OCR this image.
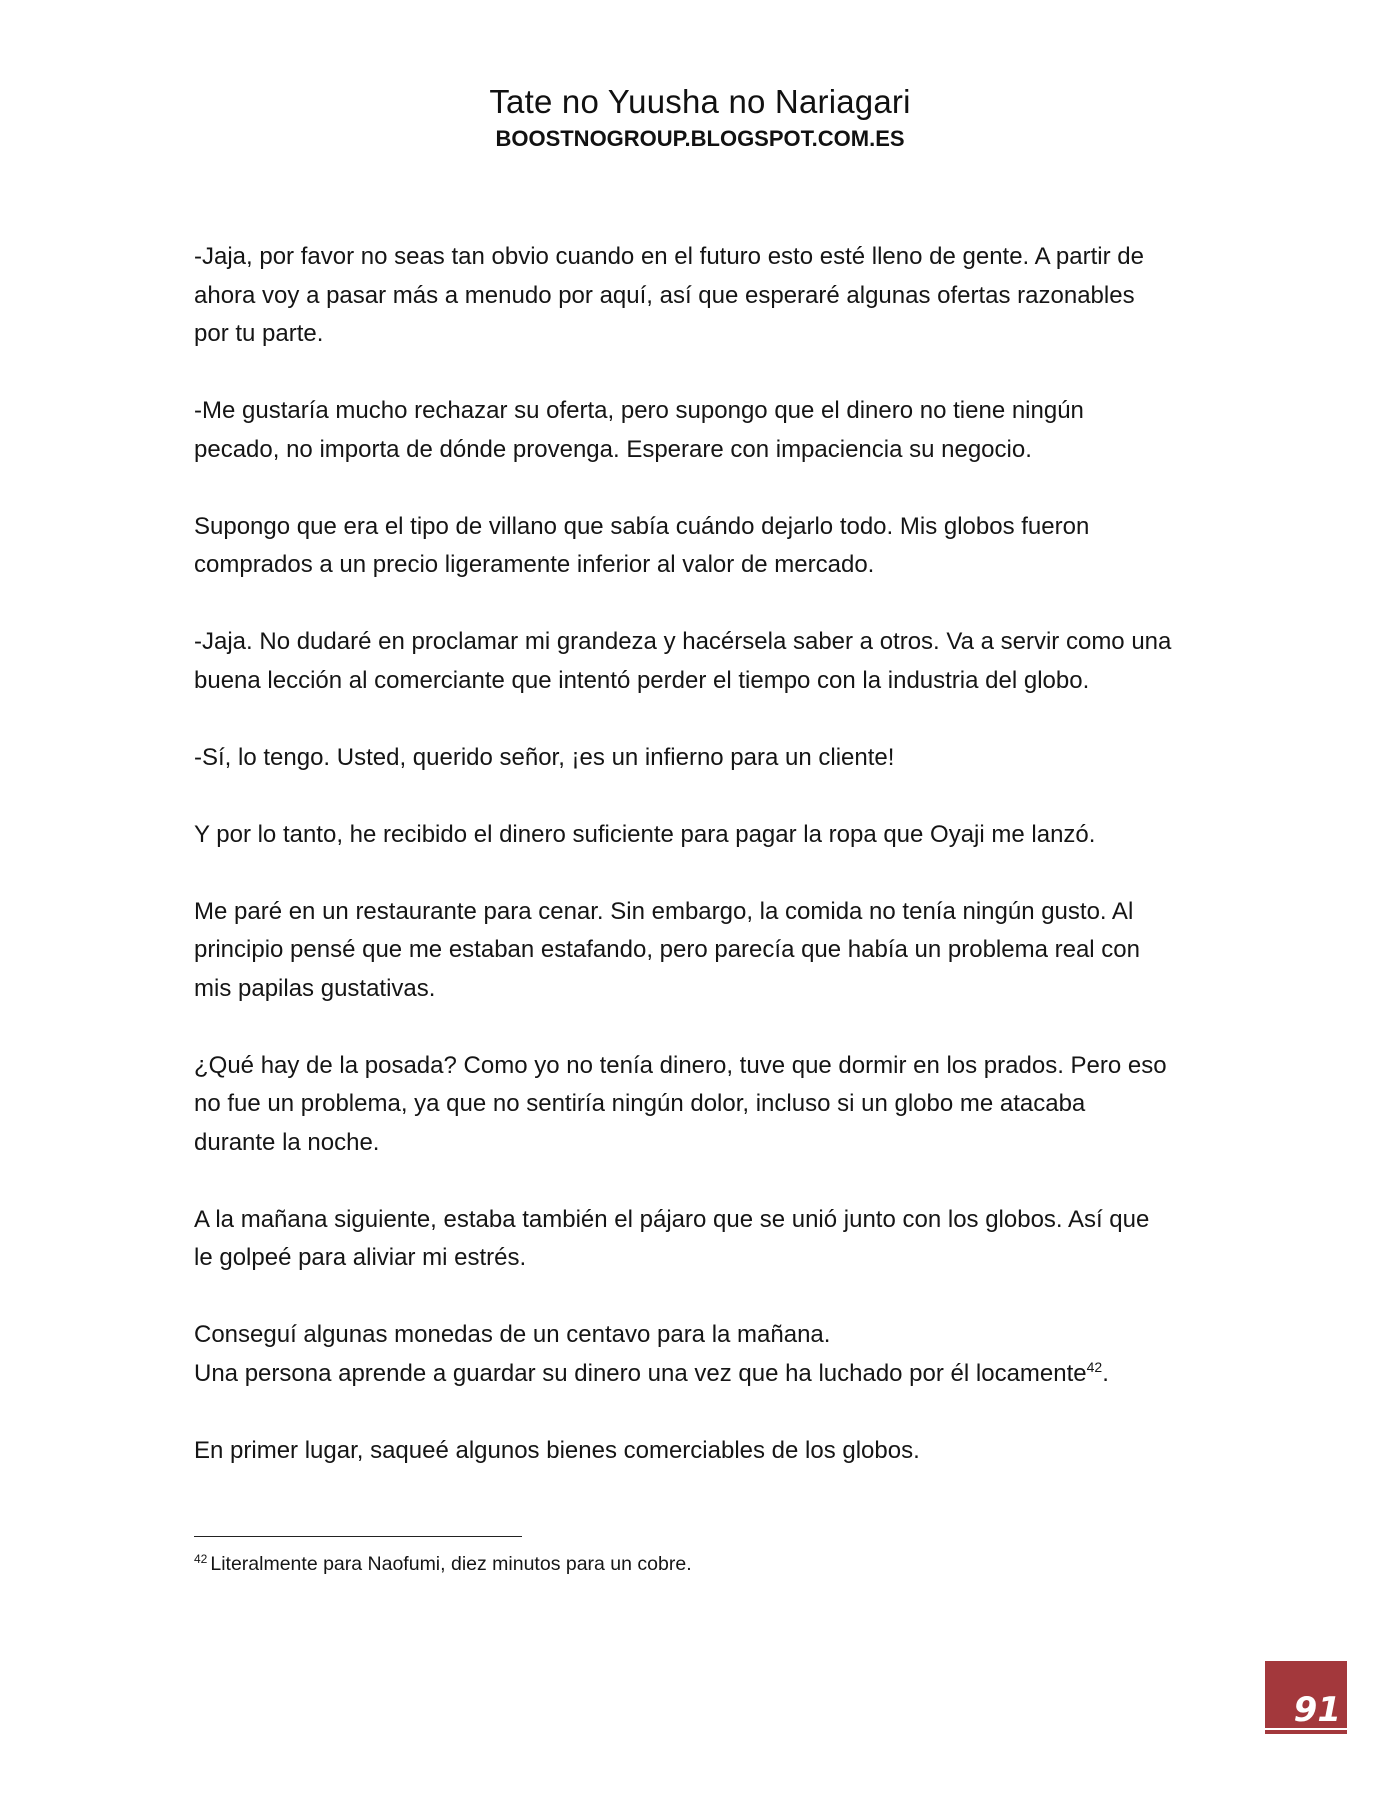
Tate no Yuusha no Nariagari
BOOSTNOGROUP.BLOGSPOT.COM.ES

-Jaja, por favor no seas tan obvio cuando en el futuro esto esté lleno de gente. A partir de
ahora voy a pasar más a menudo por aquí, así que esperaré algunas ofertas razonables
por tu parte.

-Me gustaría mucho rechazar su oferta, pero supongo que el dinero no tiene ningún
pecado, no importa de dónde provenga. Esperare con impaciencia su negocio.

Supongo que era el tipo de villano que sabía cuándo dejarlo todo. Mis globos fueron
comprados a un precio ligeramente inferior al valor de mercado.

-Jaja. No dudaré en proclamar mi grandeza y hacérsela saber a otros. Va a servir como una
buena lección al comerciante que intentó perder el tiempo con la industria del globo.

-Sí, lo tengo. Usted, querido señor, ¡es un infierno para un cliente!

Y por lo tanto, he recibido el dinero suficiente para pagar la ropa que Oyaji me lanzó.

Me paré en un restaurante para cenar. Sin embargo, la comida no tenía ningún gusto. Al
principio pensé que me estaban estafando, pero parecía que había un problema real con
mis papilas gustativas.

¿Qué hay de la posada? Como yo no tenía dinero, tuve que dormir en los prados. Pero eso
no fue un problema, ya que no sentiría ningún dolor, incluso si un globo me atacaba
durante la noche.

A la mañana siguiente, estaba también el pájaro que se unió junto con los globos. Así que
le golpeé para aliviar mi estrés.

Conseguí algunas monedas de un centavo para la mañana.
Una persona aprende a guardar su dinero una vez que ha luchado por él locamente$^{42}$.

En primer lugar, saqueé algunos bienes comerciables de los globos.

$^{42}$ Literalmente para Naofumi, diez minutos para un cobre.
91
